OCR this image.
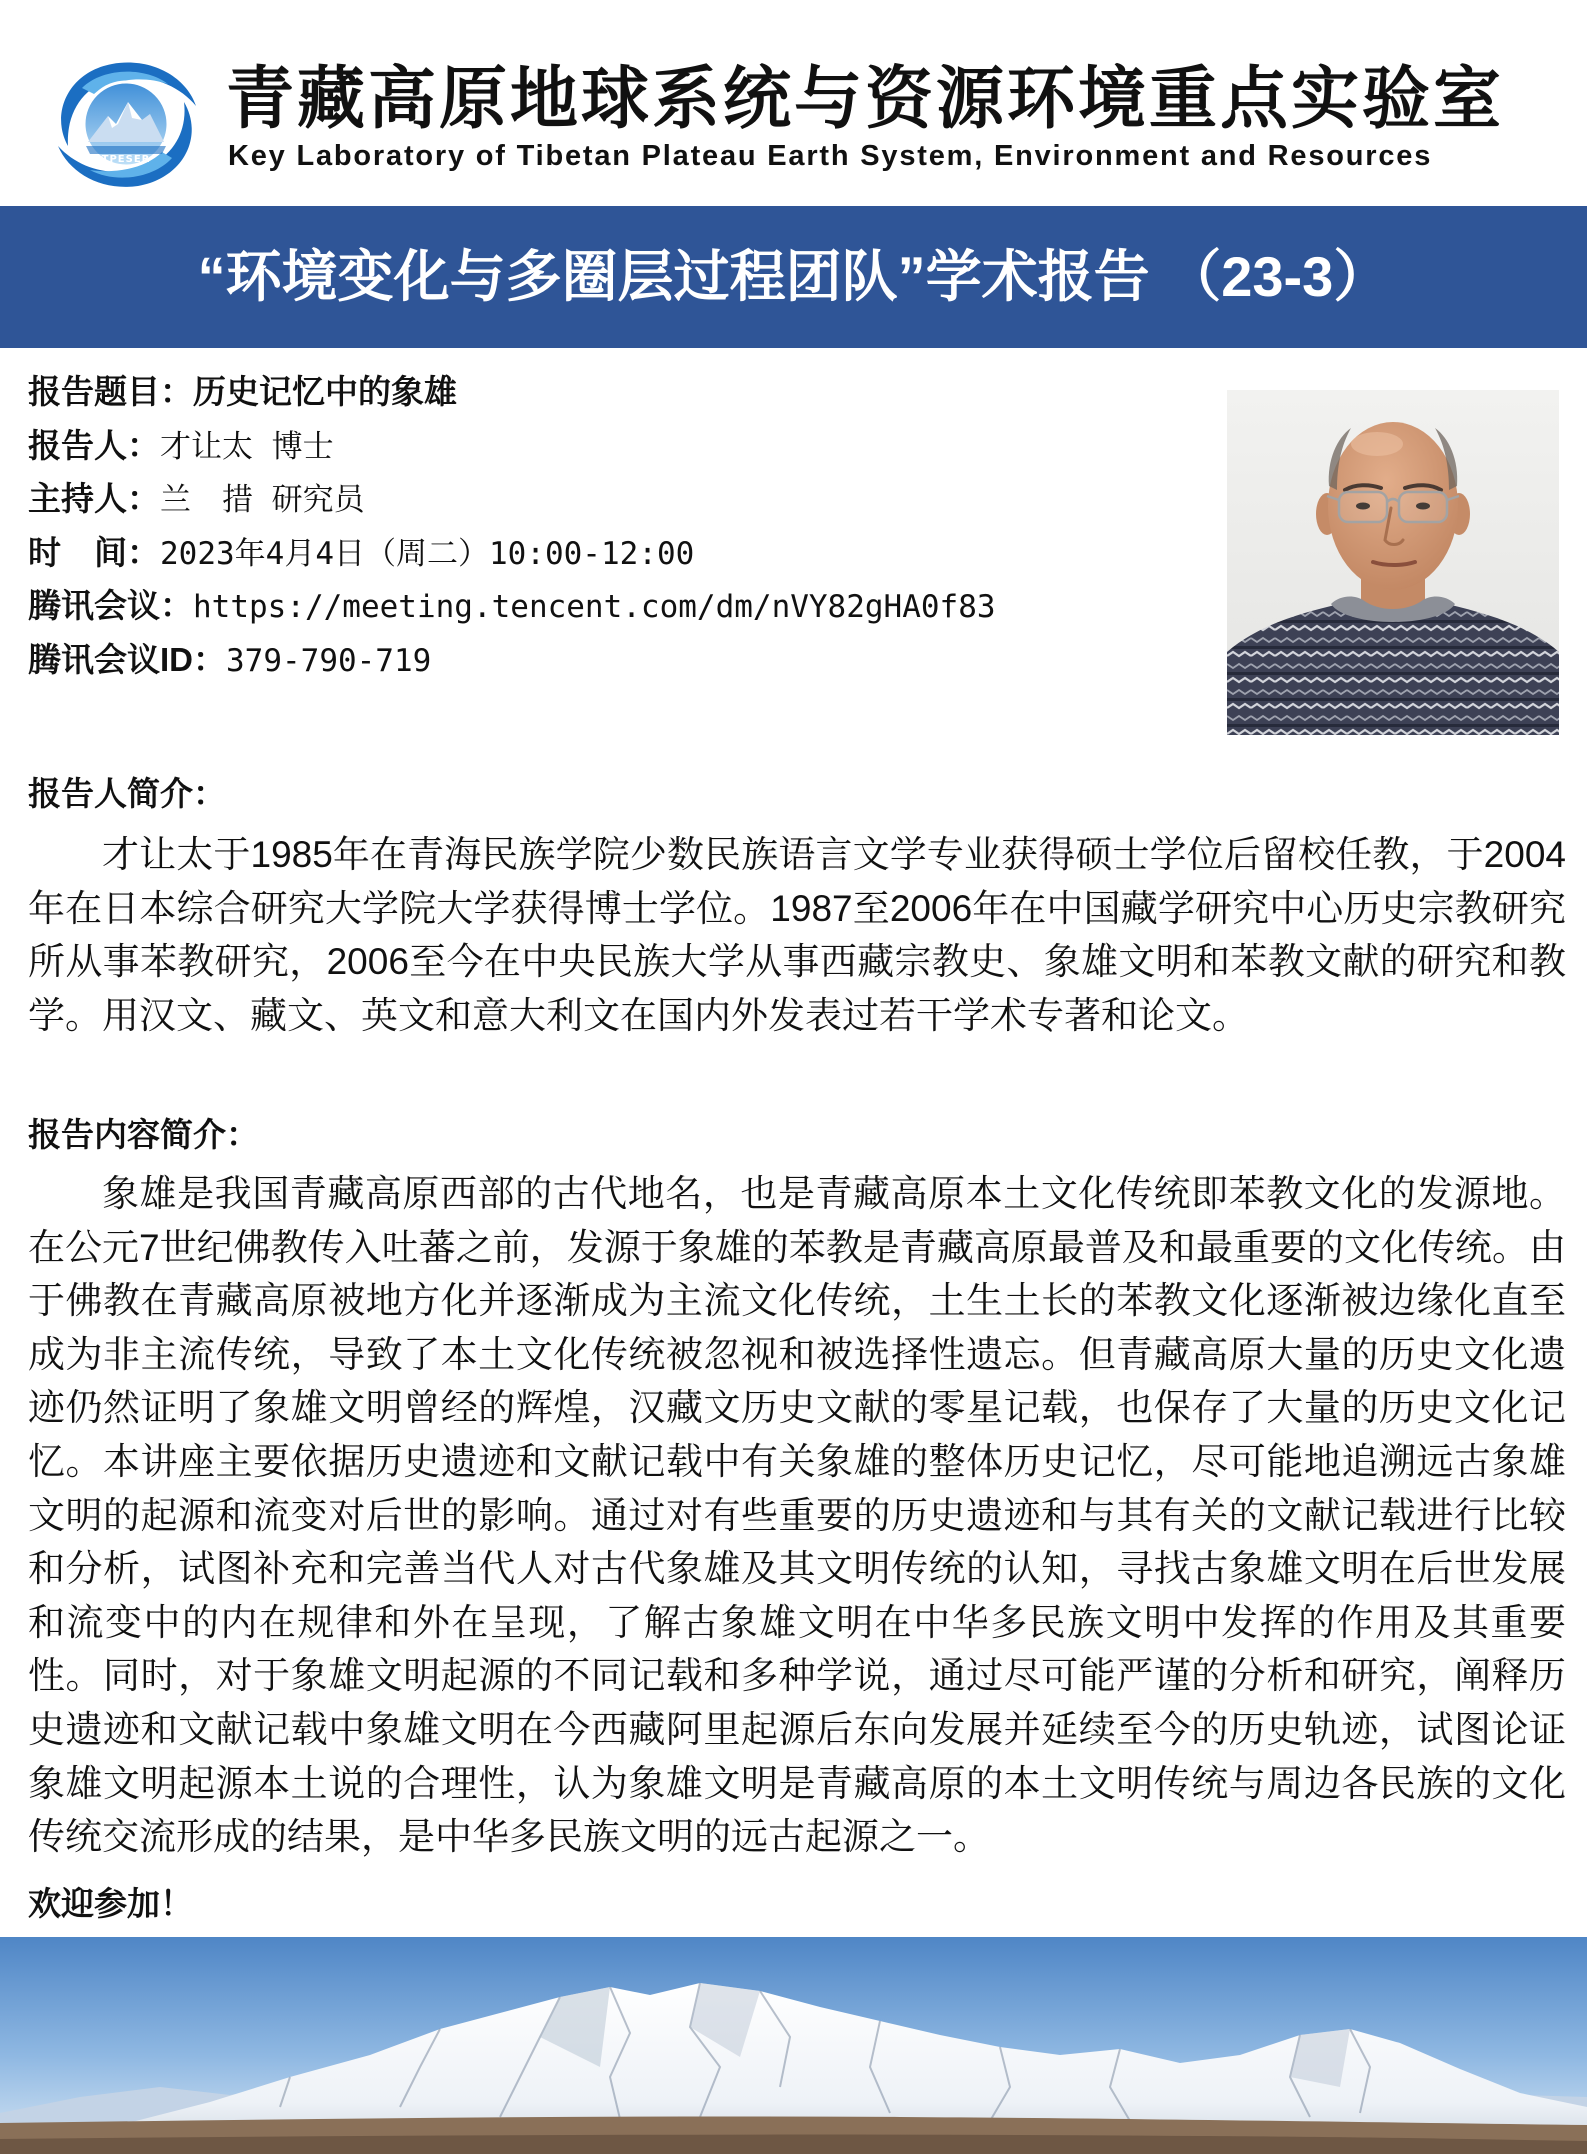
TPESER
青藏高原地球系统与资源环境重点实验室
Key Laboratory of Tibetan Plateau Earth System, Environment and Resources
“环境变化与多圈层过程团队”学术报告 （23-3）
报告题目：历史记忆中的象雄
报告人：才让太 博士
主持人：兰　措 研究员
时　间：2023年4月4日（周二）10:00-12:00
腾讯会议：https://meeting.tencent.com/dm/nVY82gHA0f83
腾讯会议ID：379-790-719
报告人简介：

才让太于1985年在青海民族学院少数民族语言文学专业获得硕士学位后留校任教，于2004年在日本综合研究大学院大学获得博士学位。1987至2006年在中国藏学研究中心历史宗教研究所从事苯教研究，2006至今在中央民族大学从事西藏宗教史、象雄文明和苯教文献的研究和教学。用汉文、藏文、英文和意大利文在国内外发表过若干学术专著和论文。

报告内容简介：

象雄是我国青藏高原西部的古代地名，也是青藏高原本土文化传统即苯教文化的发源地。在公元7世纪佛教传入吐蕃之前，发源于象雄的苯教是青藏高原最普及和最重要的文化传统。由于佛教在青藏高原被地方化并逐渐成为主流文化传统，土生土长的苯教文化逐渐被边缘化直至成为非主流传统，导致了本土文化传统被忽视和被选择性遗忘。但青藏高原大量的历史文化遗迹仍然证明了象雄文明曾经的辉煌，汉藏文历史文献的零星记载，也保存了大量的历史文化记忆。本讲座主要依据历史遗迹和文献记载中有关象雄的整体历史记忆，尽可能地追溯远古象雄文明的起源和流变对后世的影响。通过对有些重要的历史遗迹和与其有关的文献记载进行比较和分析，试图补充和完善当代人对古代象雄及其文明传统的认知，寻找古象雄文明在后世发展和流变中的内在规律和外在呈现，了解古象雄文明在中华多民族文明中发挥的作用及其重要性。同时，对于象雄文明起源的不同记载和多种学说，通过尽可能严谨的分析和研究，阐释历史遗迹和文献记载中象雄文明在今西藏阿里起源后东向发展并延续至今的历史轨迹，试图论证象雄文明起源本土说的合理性，认为象雄文明是青藏高原的本土文明传统与周边各民族的文化传统交流形成的结果，是中华多民族文明的远古起源之一。

欢迎参加！
